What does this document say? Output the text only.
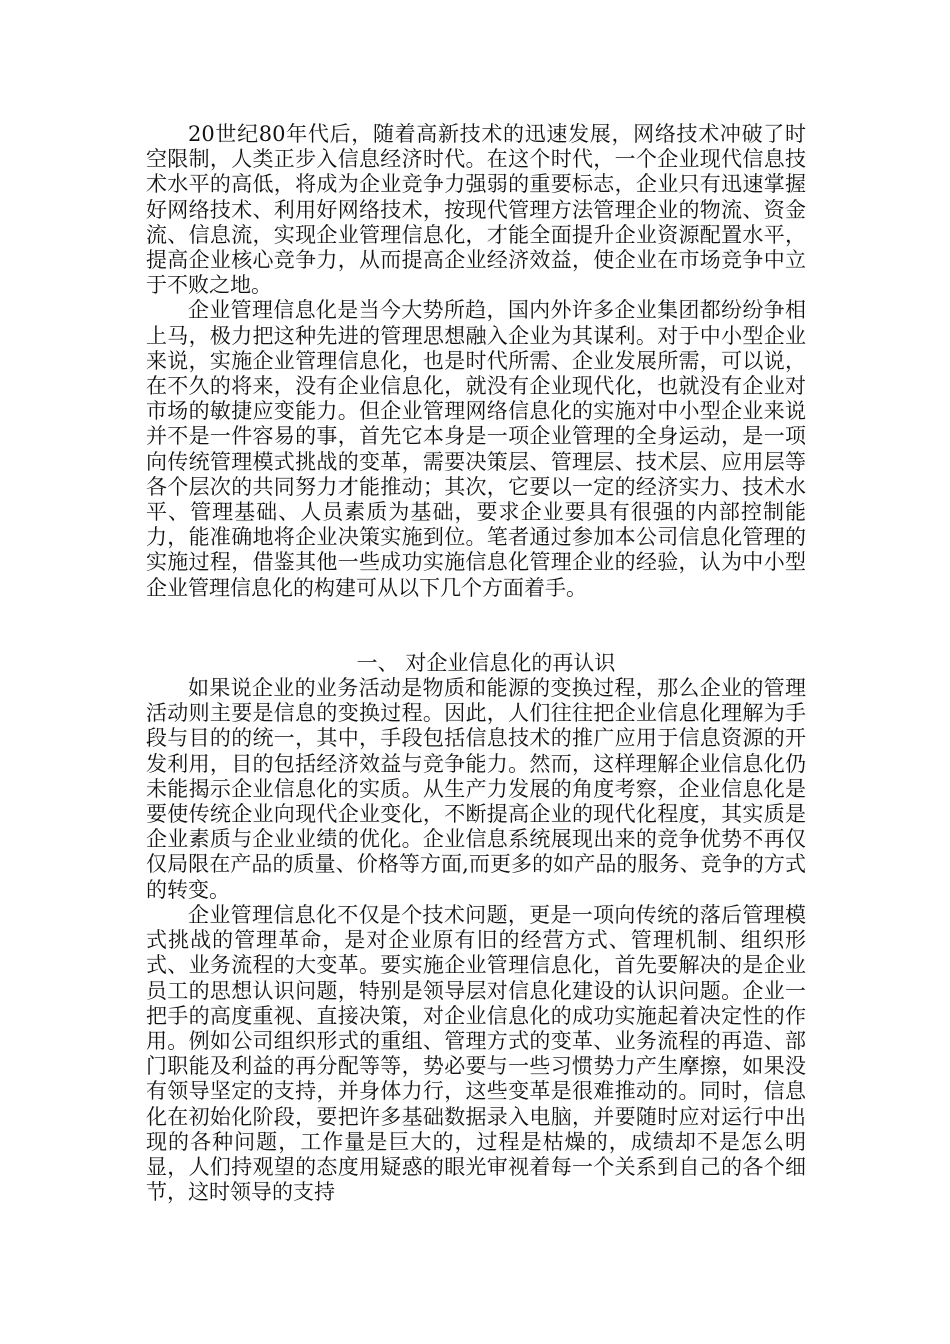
20世纪80年代后，随着高新技术的迅速发展，网络技术冲破了时空限制，人类正步入信息经济时代。在这个时代，一个企业现代信息技术水平的高低，将成为企业竞争力强弱的重要标志，企业只有迅速掌握好网络技术、利用好网络技术，按现代管理方法管理企业的物流、资金流、信息流，实现企业管理信息化，才能全面提升企业资源配置水平，提高企业核心竞争力，从而提高企业经济效益，使企业在市场竞争中立于不败之地。

企业管理信息化是当今大势所趋，国内外许多企业集团都纷纷争相上马，极力把这种先进的管理思想融入企业为其谋利。对于中小型企业来说，实施企业管理信息化，也是时代所需、企业发展所需，可以说，在不久的将来，没有企业信息化，就没有企业现代化，也就没有企业对市场的敏捷应变能力。但企业管理网络信息化的实施对中小型企业来说并不是一件容易的事，首先它本身是一项企业管理的全身运动，是一项向传统管理模式挑战的变革，需要决策层、管理层、技术层、应用层等各个层次的共同努力才能推动；其次，它要以一定的经济实力、技术水平、管理基础、人员素质为基础，要求企业要具有很强的内部控制能力，能准确地将企业决策实施到位。笔者通过参加本公司信息化管理的实施过程，借鉴其他一些成功实施信息化管理企业的经验，认为中小型企业管理信息化的构建可从以下几个方面着手。

一、 对企业信息化的再认识

如果说企业的业务活动是物质和能源的变换过程，那么企业的管理活动则主要是信息的变换过程。因此，人们往往把企业信息化理解为手段与目的的统一，其中，手段包括信息技术的推广应用于信息资源的开发利用，目的包括经济效益与竞争能力。然而，这样理解企业信息化仍未能揭示企业信息化的实质。从生产力发展的角度考察，企业信息化是要使传统企业向现代企业变化，不断提高企业的现代化程度，其实质是企业素质与企业业绩的优化。企业信息系统展现出来的竞争优势不再仅仅局限在产品的质量、价格等方面,而更多的如产品的服务、竞争的方式的转变。

企业管理信息化不仅是个技术问题，更是一项向传统的落后管理模式挑战的管理革命，是对企业原有旧的经营方式、管理机制、组织形式、业务流程的大变革。要实施企业管理信息化，首先要解决的是企业员工的思想认识问题，特别是领导层对信息化建设的认识问题。企业一把手的高度重视、直接决策，对企业信息化的成功实施起着决定性的作用。例如公司组织形式的重组、管理方式的变革、业务流程的再造、部门职能及利益的再分配等等，势必要与一些习惯势力产生摩擦，如果没有领导坚定的支持，并身体力行，这些变革是很难推动的。同时，信息化在初始化阶段，要把许多基础数据录入电脑，并要随时应对运行中出现的各种问题，工作量是巨大的，过程是枯燥的，成绩却不是怎么明显，人们持观望的态度用疑惑的眼光审视着每一个关系到自己的各个细节，这时领导的支持
